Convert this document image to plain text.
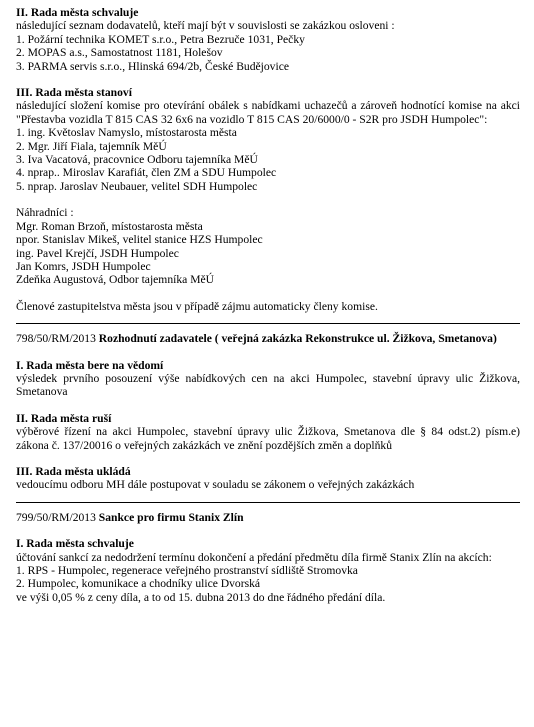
II. Rada města schvaluje

následující seznam dodavatelů, kteří mají být v souvislosti se zakázkou osloveni :

1. Požární technika KOMET s.r.o., Petra Bezruče 1031, Pečky

2. MOPAS a.s., Samostatnost 1181, Holešov

3. PARMA servis s.r.o., Hlinská 694/2b, České Budějovice

III. Rada města stanoví

následující složení komise pro otevírání obálek s nabídkami uchazečů a zároveň hodnotící komise na akci "Přestavba vozidla T 815 CAS 32 6x6 na vozidlo T 815 CAS 20/6000/0 - S2R pro JSDH Humpolec":

1. ing. Květoslav Namyslo, místostarosta města

2. Mgr. Jiří Fiala, tajemník MěÚ

3. Iva Vacatová, pracovnice Odboru tajemníka MěÚ

4. nprap.. Miroslav Karafiát, člen ZM a SDU Humpolec

5. nprap. Jaroslav Neubauer, velitel SDH Humpolec

Náhradníci :

Mgr. Roman Brzoň, místostarosta města

npor. Stanislav Mikeš, velitel stanice HZS Humpolec

ing. Pavel Krejčí, JSDH Humpolec

Jan Komrs, JSDH Humpolec

Zdeňka Augustová, Odbor tajemníka MěÚ

Členové zastupitelstva města jsou v případě zájmu automaticky členy komise.

798/50/RM/2013 Rozhodnutí zadavatele ( veřejná zakázka Rekonstrukce ul. Žižkova, Smetanova)

I. Rada města bere na vědomí

výsledek prvního posouzení výše nabídkových cen na akci Humpolec, stavební úpravy ulic Žižkova, Smetanova

II. Rada města ruší

výběrové řízení na akci Humpolec, stavební úpravy ulic Žižkova, Smetanova dle § 84 odst.2) písm.e) zákona č. 137/20016 o veřejných zakázkách ve znění pozdějších změn a doplňků

III. Rada města ukládá

vedoucímu odboru MH dále postupovat v souladu se zákonem o veřejných zakázkách

799/50/RM/2013 Sankce pro firmu Stanix Zlín

I. Rada města schvaluje

účtování sankcí za nedodržení termínu dokončení a předání předmětu díla firmě Stanix Zlín na akcích:

1. RPS - Humpolec, regenerace veřejného prostranství sídliště Stromovka

2. Humpolec, komunikace a chodníky ulice Dvorská

ve výši 0,05 % z ceny díla, a to od 15. dubna 2013 do dne řádného předání díla.
